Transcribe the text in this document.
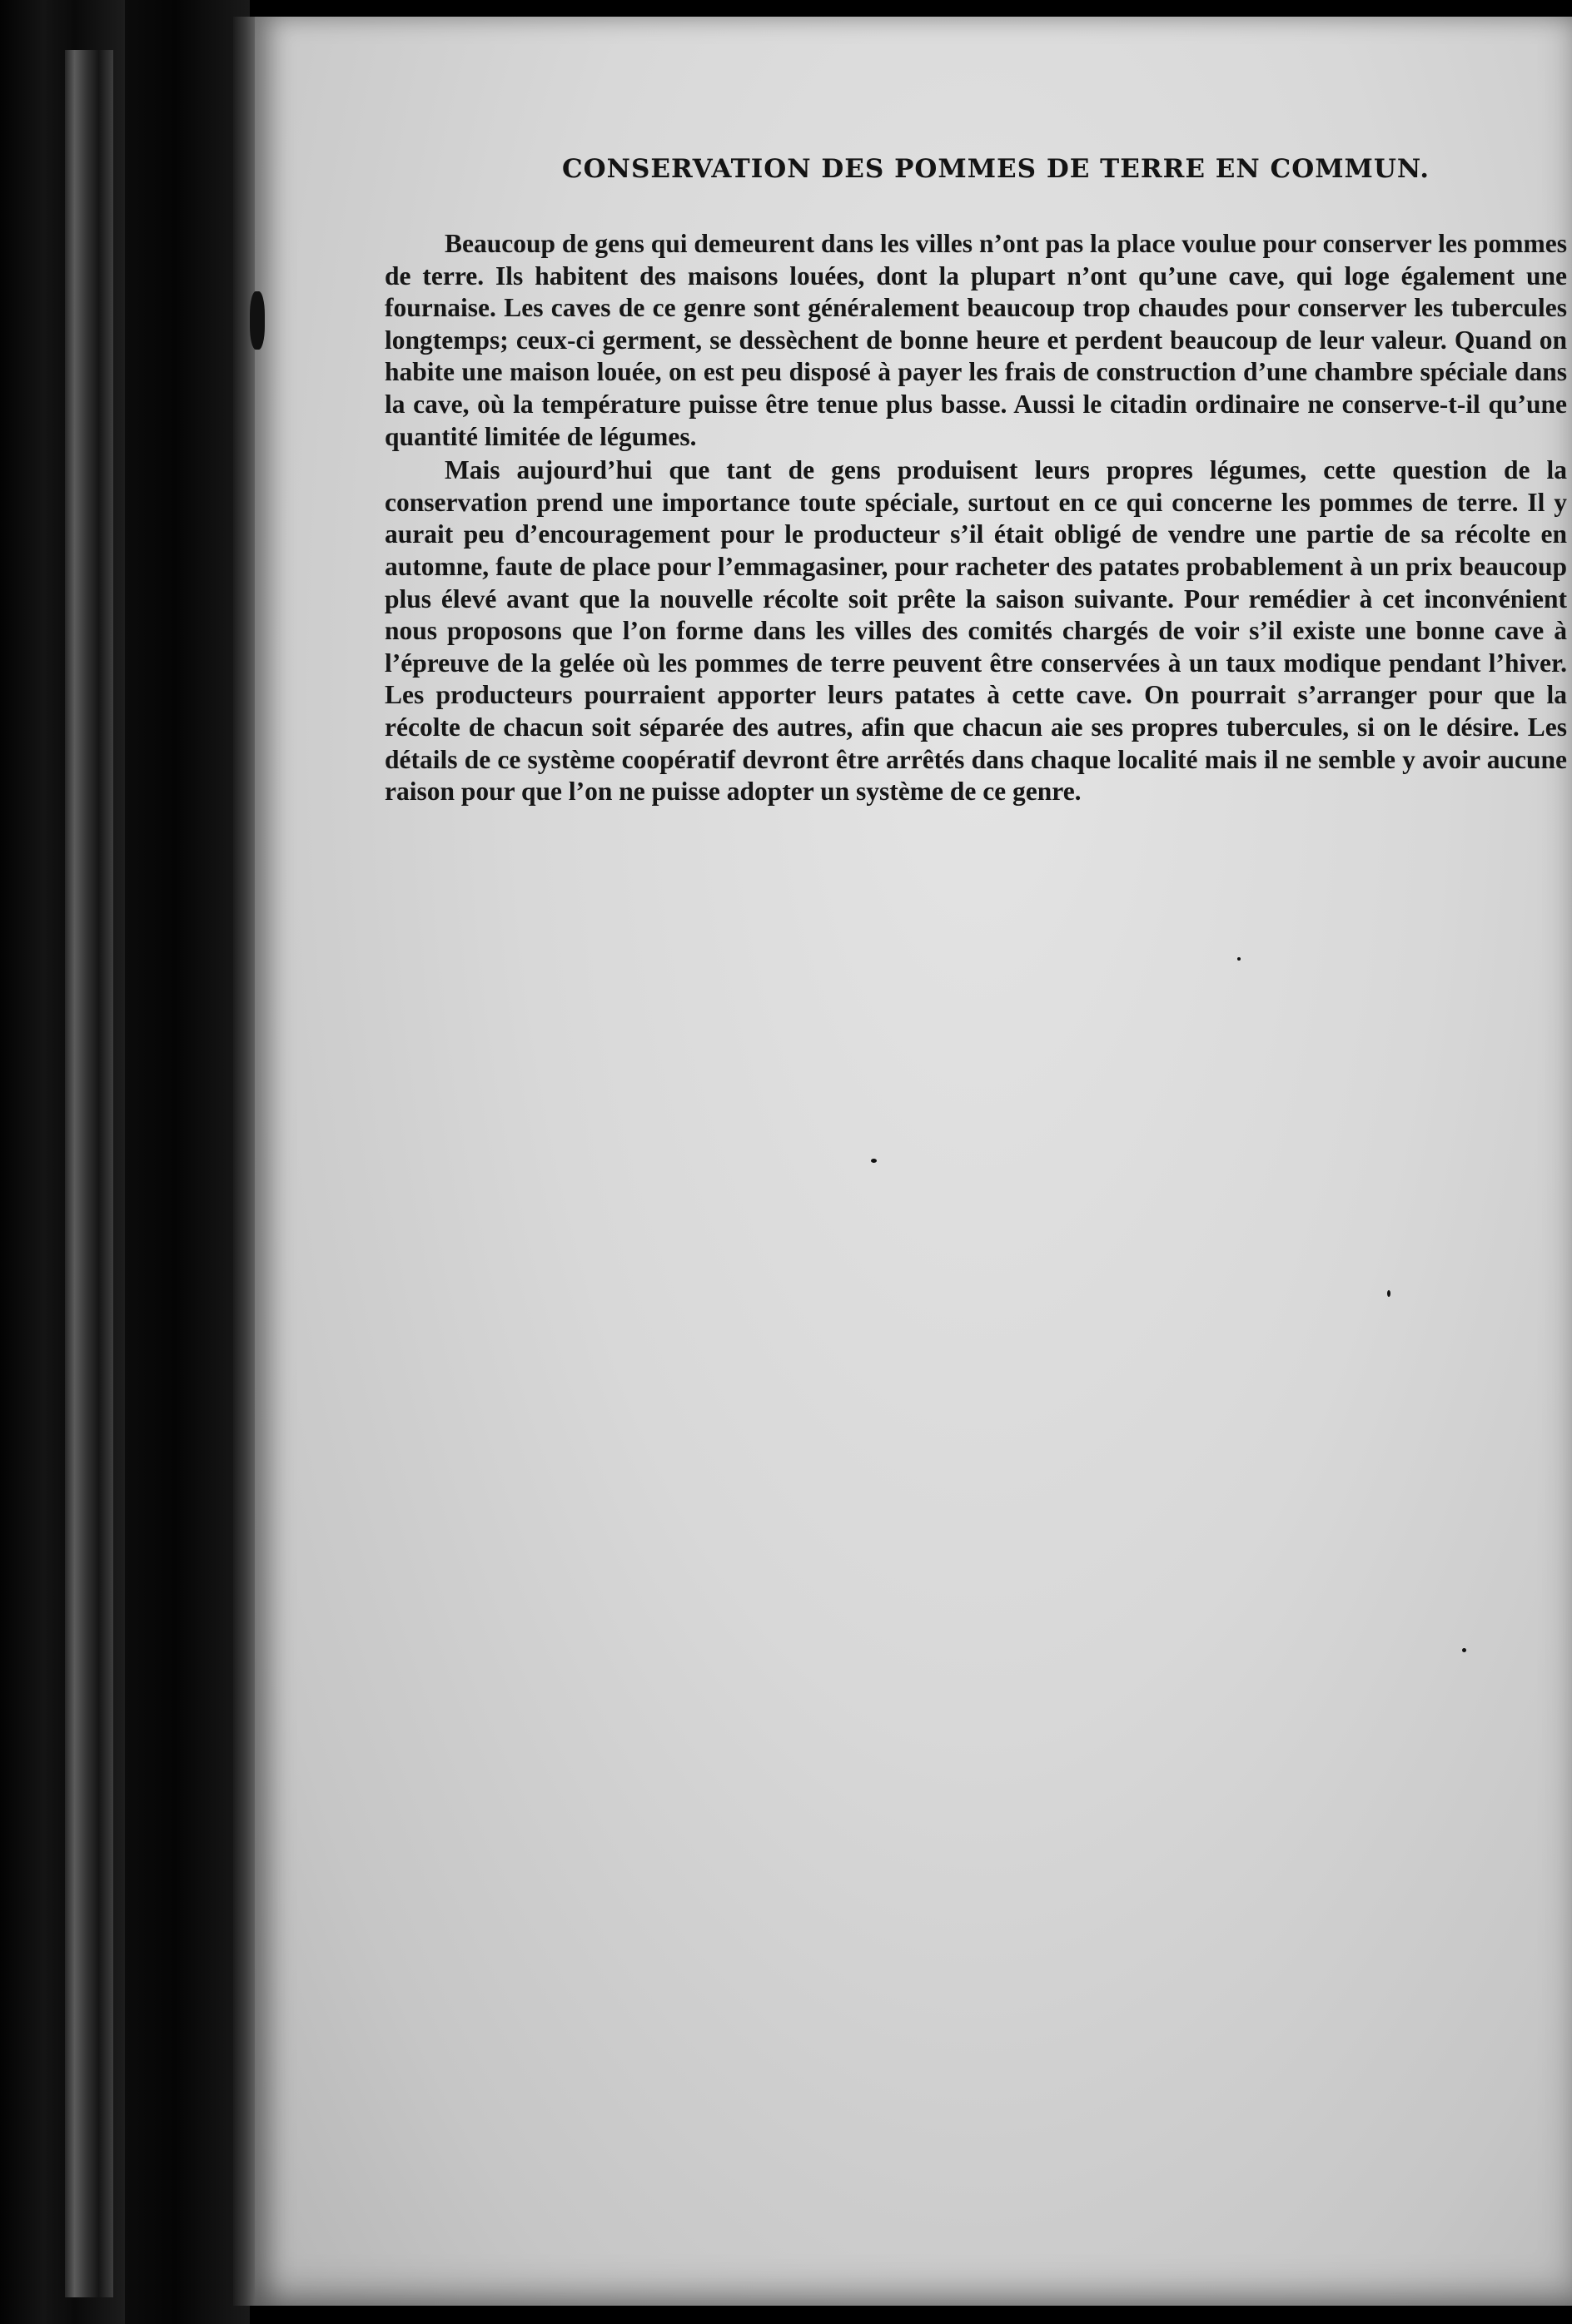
CONSERVATION DES POMMES DE TERRE EN COMMUN.

Beaucoup de gens qui demeurent dans les villes n’ont pas la place voulue pour conserver les pommes de terre. Ils habitent des maisons louées, dont la plupart n’ont qu’une cave, qui loge également une fournaise. Les caves de ce genre sont généralement beaucoup trop chaudes pour conserver les tubercules longtemps; ceux-ci germent, se dessèchent de bonne heure et perdent beaucoup de leur valeur. Quand on habite une maison louée, on est peu disposé à payer les frais de construction d’une chambre spéciale dans la cave, où la température puisse être tenue plus basse. Aussi le citadin ordinaire ne conserve-t-il qu’une quantité limitée de légumes.

Mais aujourd’hui que tant de gens produisent leurs propres légumes, cette question de la conservation prend une importance toute spéciale, surtout en ce qui concerne les pommes de terre. Il y aurait peu d’encouragement pour le producteur s’il était obligé de vendre une partie de sa récolte en automne, faute de place pour l’emmagasiner, pour racheter des patates probablement à un prix beaucoup plus élevé avant que la nouvelle récolte soit prête la saison suivante. Pour remédier à cet inconvénient nous proposons que l’on forme dans les villes des comités chargés de voir s’il existe une bonne cave à l’épreuve de la gelée où les pommes de terre peuvent être conservées à un taux modique pendant l’hiver. Les producteurs pourraient apporter leurs patates à cette cave. On pourrait s’arranger pour que la récolte de chacun soit séparée des autres, afin que chacun aie ses propres tubercules, si on le désire. Les détails de ce système coopératif devront être arrêtés dans chaque localité mais il ne semble y avoir aucune raison pour que l’on ne puisse adopter un système de ce genre.
